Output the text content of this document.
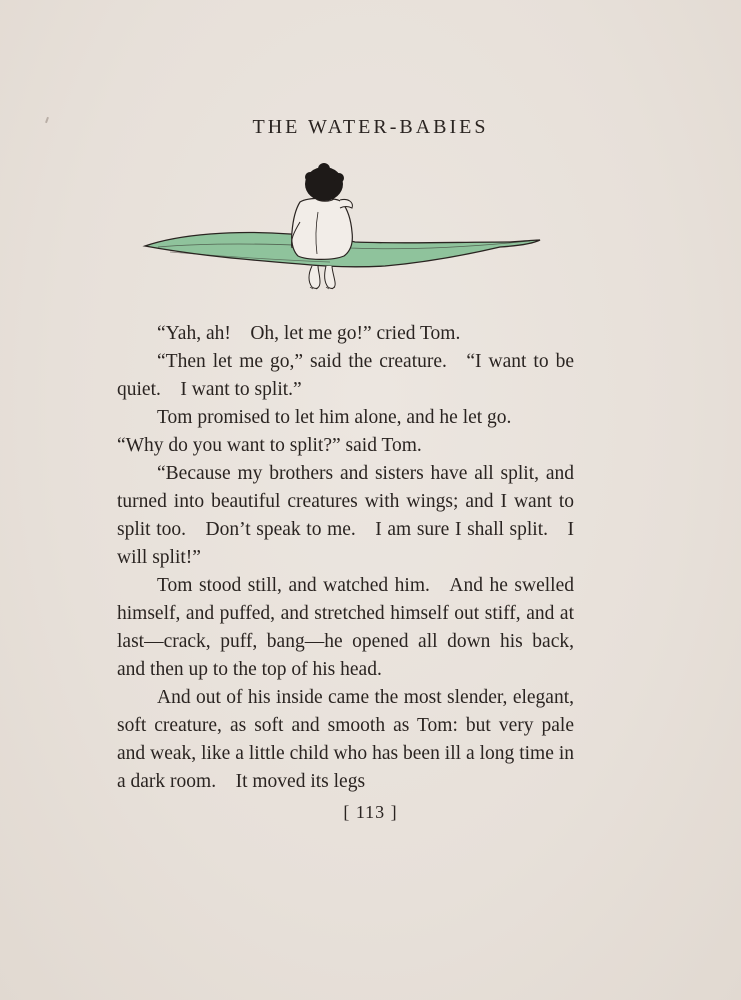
THE WATER-BABIES

“Yah, ah! Oh, let me go!” cried Tom.

“Then let me go,” said the creature. “I want to be quiet. I want to split.”

Tom promised to let him alone, and he let go.

“Why do you want to split?” said Tom.

“Because my brothers and sisters have all split, and turned into beautiful creatures with wings; and I want to split too. Don’t speak to me. I am sure I shall split. I will split!”

Tom stood still, and watched him. And he swelled himself, and puffed, and stretched himself out stiff, and at last—crack, puff, bang—he opened all down his back, and then up to the top of his head.

And out of his inside came the most slender, elegant, soft creature, as soft and smooth as Tom: but very pale and weak, like a little child who has been ill a long time in a dark room. It moved its legs

[ 113 ]
